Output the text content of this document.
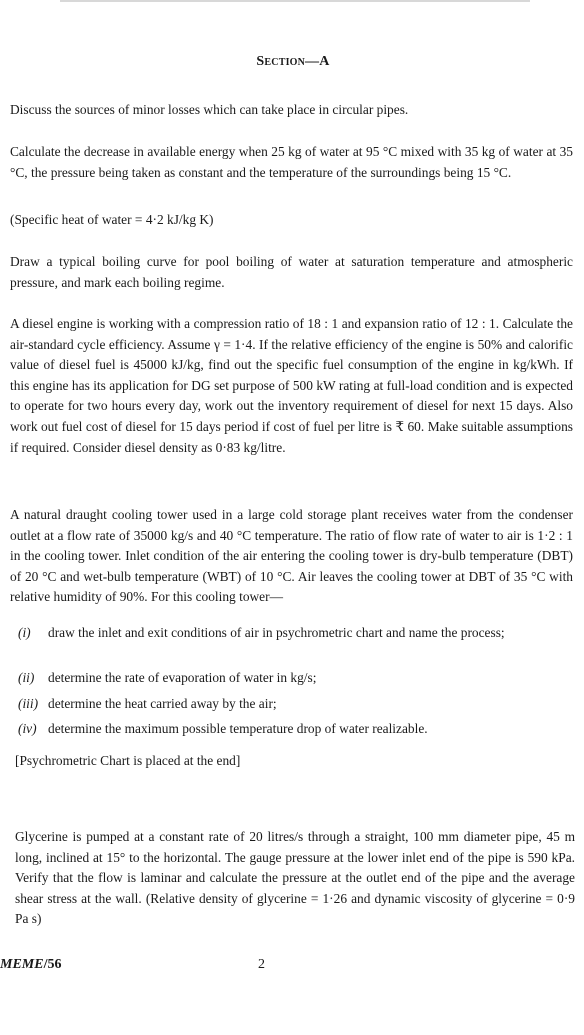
Section—A

Discuss the sources of minor losses which can take place in circular pipes.

Calculate the decrease in available energy when 25 kg of water at 95 °C mixed with 35 kg of water at 35 °C, the pressure being taken as constant and the temperature of the surroundings being 15 °C.

(Specific heat of water = 4·2 kJ/kg K)

Draw a typical boiling curve for pool boiling of water at saturation temperature and atmospheric pressure, and mark each boiling regime.

A diesel engine is working with a compression ratio of 18 : 1 and expansion ratio of 12 : 1. Calculate the air-standard cycle efficiency. Assume γ = 1·4. If the relative efficiency of the engine is 50% and calorific value of diesel fuel is 45000 kJ/kg, find out the specific fuel consumption of the engine in kg/kWh. If this engine has its application for DG set purpose of 500 kW rating at full-load condition and is expected to operate for two hours every day, work out the inventory requirement of diesel for next 15 days. Also work out fuel cost of diesel for 15 days period if cost of fuel per litre is ₹ 60. Make suitable assumptions if required. Consider diesel density as 0·83 kg/litre.

A natural draught cooling tower used in a large cold storage plant receives water from the condenser outlet at a flow rate of 35000 kg/s and 40 °C temperature. The ratio of flow rate of water to air is 1·2 : 1 in the cooling tower. Inlet condition of the air entering the cooling tower is dry-bulb temperature (DBT) of 20 °C and wet-bulb temperature (WBT) of 10 °C. Air leaves the cooling tower at DBT of 35 °C with relative humidity of 90%. For this cooling tower—

(i)	draw the inlet and exit conditions of air in psychrometric chart and name the process;
(ii)	determine the rate of evaporation of water in kg/s;
(iii) determine the heat carried away by the air;
(iv) determine the maximum possible temperature drop of water realizable.

[Psychrometric Chart is placed at the end]

Glycerine is pumped at a constant rate of 20 litres/s through a straight, 100 mm diameter pipe, 45 m long, inclined at 15° to the horizontal. The gauge pressure at the lower inlet end of the pipe is 590 kPa. Verify that the flow is laminar and calculate the pressure at the outlet end of the pipe and the average shear stress at the wall. (Relative density of glycerine = 1·26 and dynamic viscosity of glycerine = 0·9 Pa s)

MEME/56	2
